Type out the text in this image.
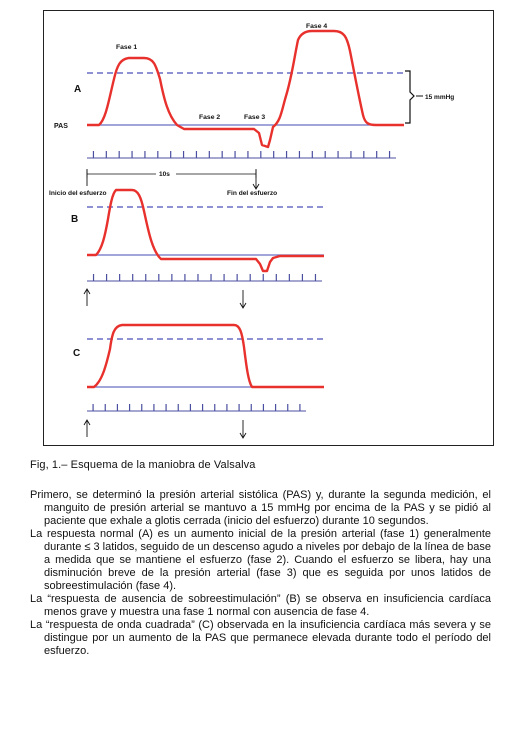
A
PAS
Fase 1
Fase 2	Fase 3
Fase 4
15 mmHg
10s
Inicio del esfuerzo	Fin del esfuerzo
B
C
Fig, 1.– Esquema de la maniobra de Valsalva

Primero, se determinó la presión arterial sistólica (PAS) y, durante la segunda medición, el manguito de presión arterial se mantuvo a 15 mmHg por encima de la PAS y se pidió al paciente que exhale a glotis cerrada (inicio del esfuerzo) durante 10 segundos.

La respuesta normal (A) es un aumento inicial de la presión arterial (fase 1) generalmente durante ≤ 3 latidos, seguido de un descenso agudo a niveles por debajo de la línea de base a medida que se mantiene el esfuerzo (fase 2). Cuando el esfuerzo se libera, hay una disminución breve de la presión arterial (fase 3) que es seguida por unos latidos de sobreestimulación (fase 4).

La “respuesta de ausencia de sobreestimulación” (B) se observa en insuficiencia cardíaca menos grave y muestra una fase 1 normal con ausencia de fase 4.

La “respuesta de onda cuadrada” (C) observada en la insuficiencia cardíaca más severa y se distingue por un aumento de la PAS que permanece elevada durante todo el período del esfuerzo.
